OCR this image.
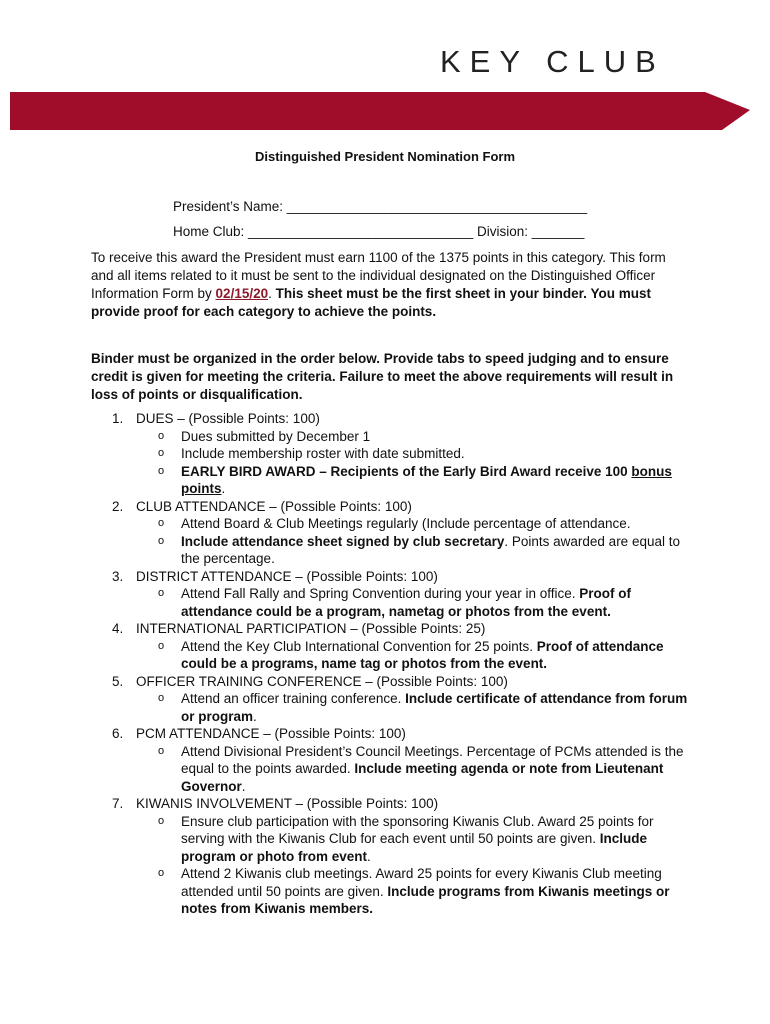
KEY CLUB
Distinguished President Nomination Form
President’s Name: ________________________________________
Home Club: ______________________________ Division: _______
To receive this award the President must earn 1100 of the 1375 points in this category. This form and all items related to it must be sent to the individual designated on the Distinguished Officer Information Form by 02/15/20. This sheet must be the first sheet in your binder. You must provide proof for each category to achieve the points.
Binder must be organized in the order below. Provide tabs to speed judging and to ensure credit is given for meeting the criteria. Failure to meet the above requirements will result in loss of points or disqualification.
1. DUES – (Possible Points: 100)
o Dues submitted by December 1
o Include membership roster with date submitted.
o EARLY BIRD AWARD – Recipients of the Early Bird Award receive 100 bonus points.
2. CLUB ATTENDANCE – (Possible Points: 100)
o Attend Board & Club Meetings regularly (Include percentage of attendance.
o Include attendance sheet signed by club secretary. Points awarded are equal to the percentage.
3. DISTRICT ATTENDANCE – (Possible Points: 100)
o Attend Fall Rally and Spring Convention during your year in office. Proof of attendance could be a program, nametag or photos from the event.
4. INTERNATIONAL PARTICIPATION – (Possible Points: 25)
o Attend the Key Club International Convention for 25 points. Proof of attendance could be a programs, name tag or photos from the event.
5. OFFICER TRAINING CONFERENCE – (Possible Points: 100)
o Attend an officer training conference. Include certificate of attendance from forum or program.
6. PCM ATTENDANCE – (Possible Points: 100)
o Attend Divisional President’s Council Meetings. Percentage of PCMs attended is the equal to the points awarded. Include meeting agenda or note from Lieutenant Governor.
7. KIWANIS INVOLVEMENT – (Possible Points: 100)
o Ensure club participation with the sponsoring Kiwanis Club. Award 25 points for serving with the Kiwanis Club for each event until 50 points are given. Include program or photo from event.
o Attend 2 Kiwanis club meetings. Award 25 points for every Kiwanis Club meeting attended until 50 points are given. Include programs from Kiwanis meetings or notes from Kiwanis members.
